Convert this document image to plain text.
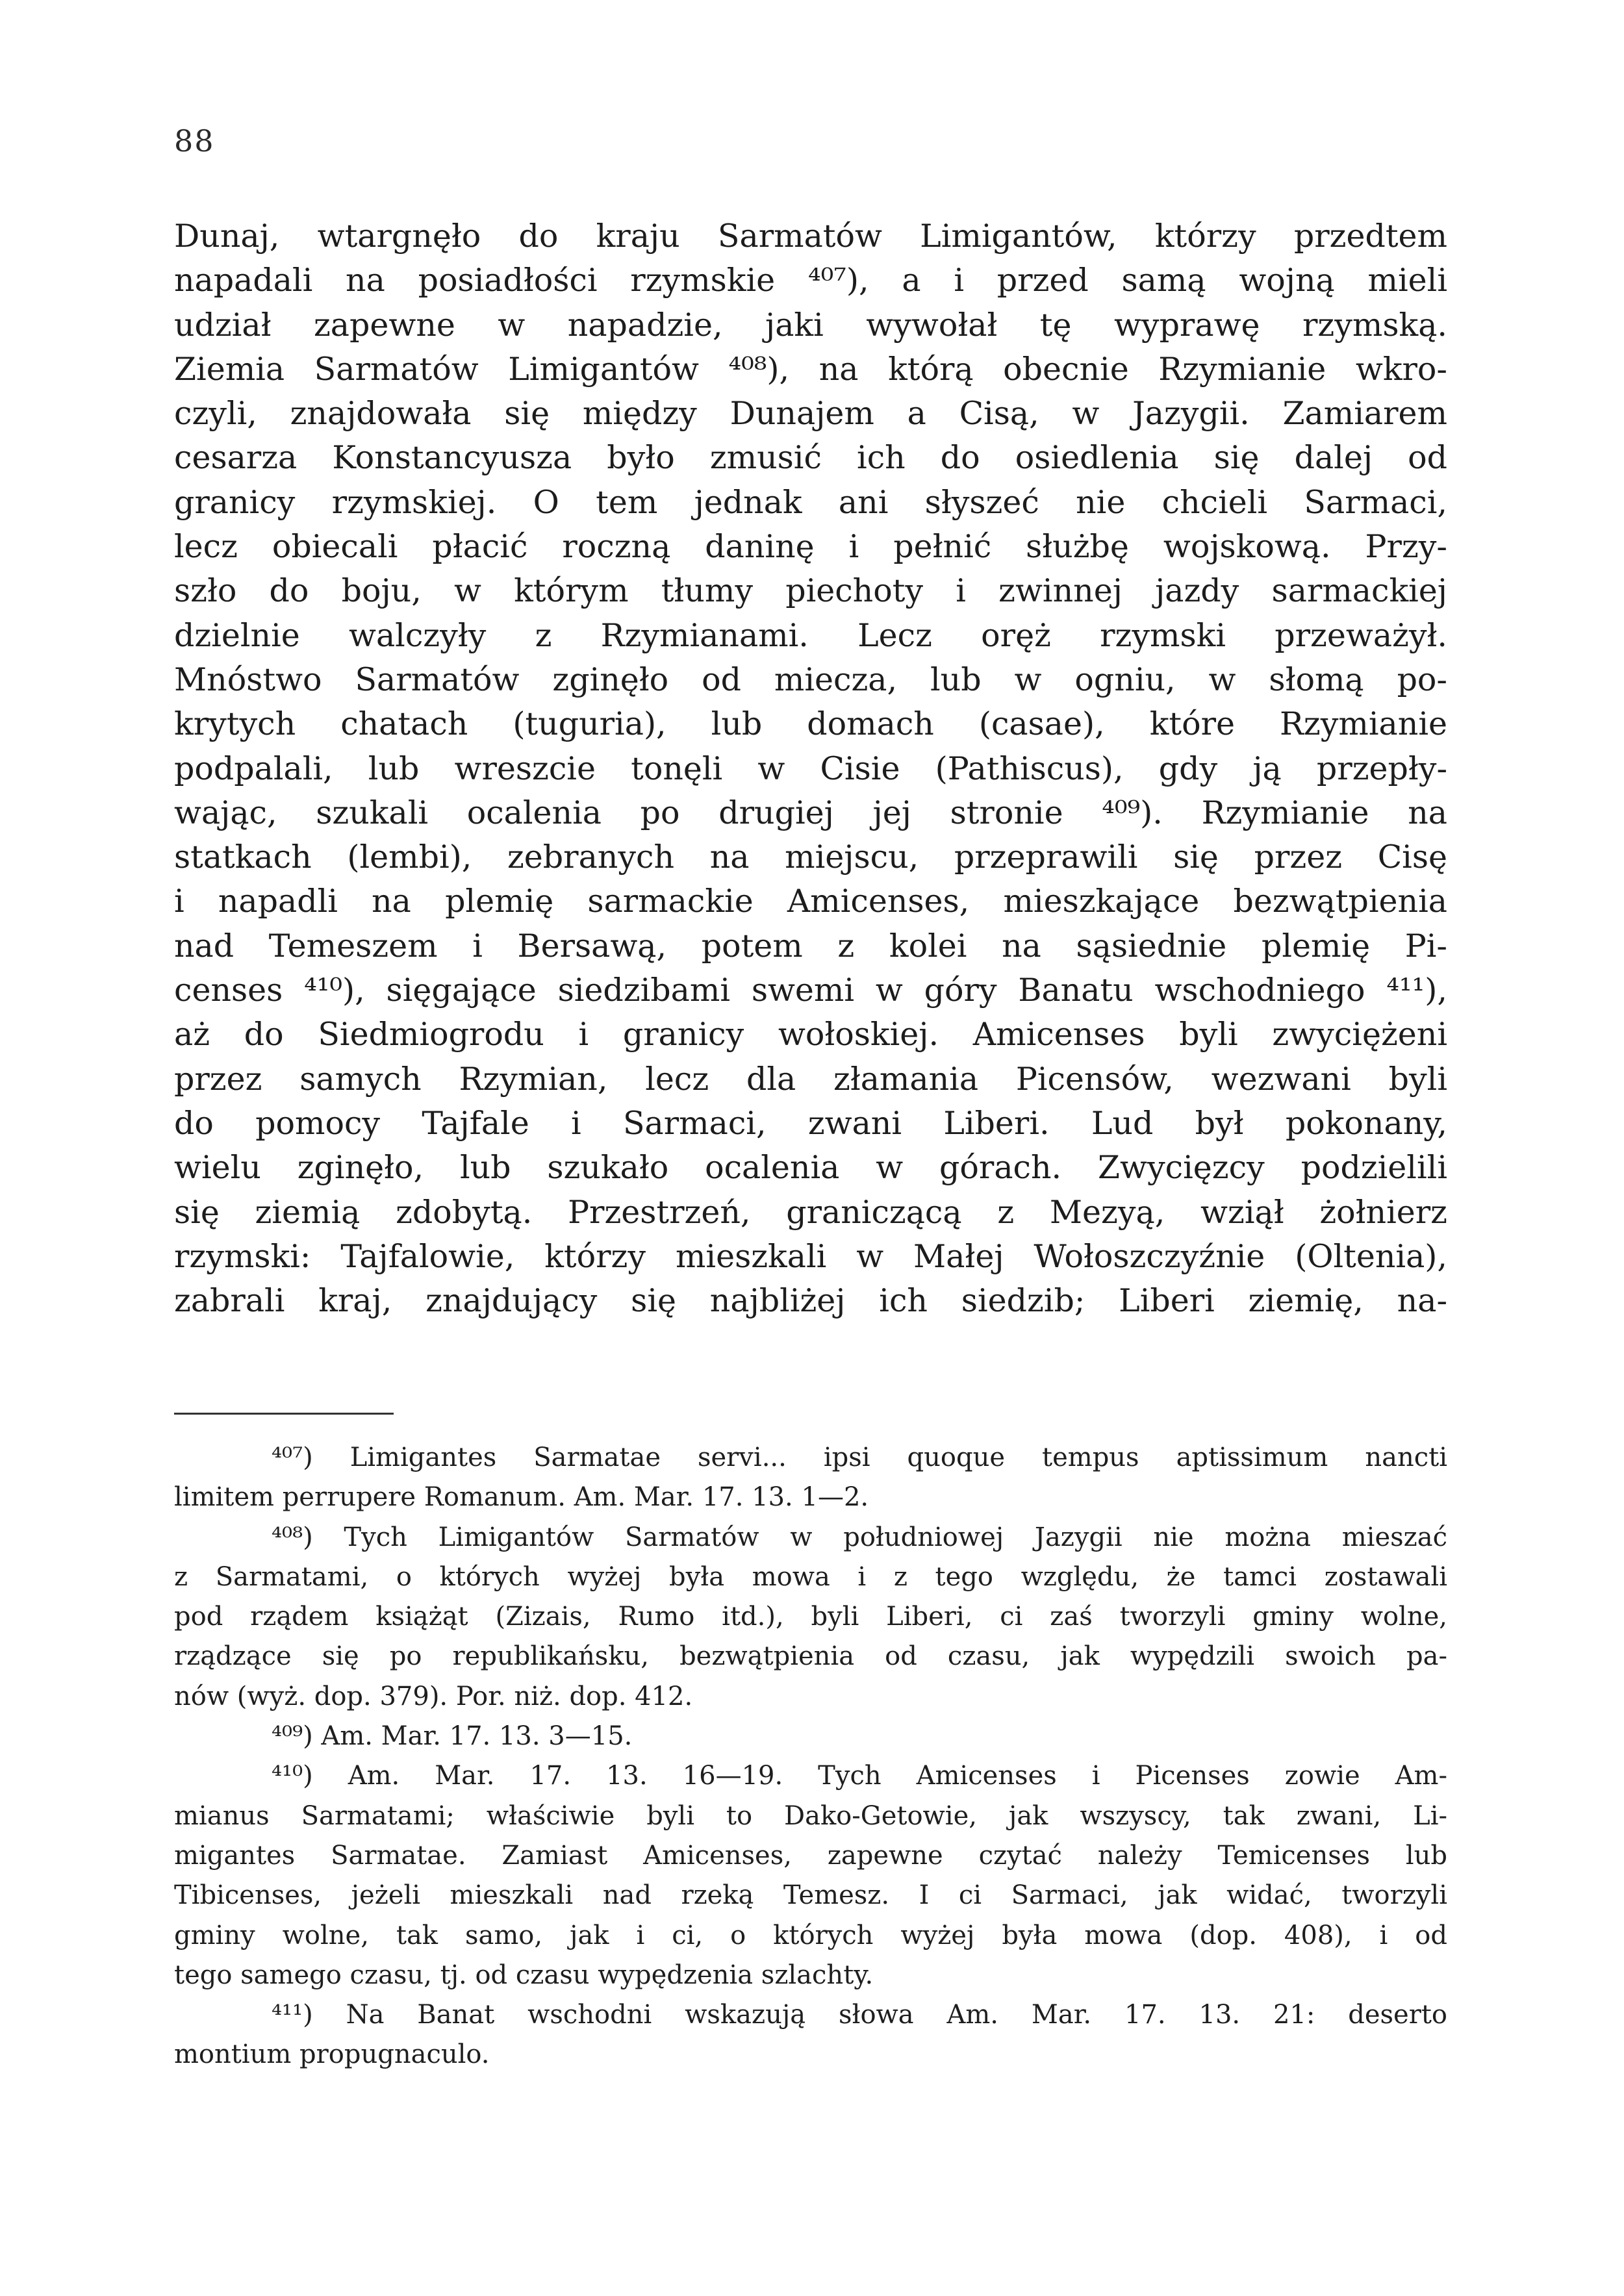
88
Dunaj, wtargnęło do kraju Sarmatów Limigantów, którzy przedtem
napadali na posiadłości rzymskie ⁴⁰⁷), a i przed samą wojną mieli
udział zapewne w napadzie, jaki wywołał tę wyprawę rzymską.
Ziemia Sarmatów Limigantów ⁴⁰⁸), na którą obecnie Rzymianie wkro-
czyli, znajdowała się między Dunajem a Cisą, w Jazygii. Zamiarem
cesarza Konstancyusza było zmusić ich do osiedlenia się dalej od
granicy rzymskiej. O tem jednak ani słyszeć nie chcieli Sarmaci,
lecz obiecali płacić roczną daninę i pełnić służbę wojskową. Przy-
szło do boju, w którym tłumy piechoty i zwinnej jazdy sarmackiej
dzielnie walczyły z Rzymianami. Lecz oręż rzymski przeważył.
Mnóstwo Sarmatów zginęło od miecza, lub w ogniu, w słomą po-
krytych chatach (tuguria), lub domach (casae), które Rzymianie
podpalali, lub wreszcie tonęli w Cisie (Pathiscus), gdy ją przepły-
wając, szukali ocalenia po drugiej jej stronie ⁴⁰⁹). Rzymianie na
statkach (lembi), zebranych na miejscu, przeprawili się przez Cisę
i napadli na plemię sarmackie Amicenses, mieszkające bezwątpienia
nad Temeszem i Bersawą, potem z kolei na sąsiednie plemię Pi-
censes ⁴¹⁰), sięgające siedzibami swemi w góry Banatu wschodniego ⁴¹¹),
aż do Siedmiogrodu i granicy wołoskiej. Amicenses byli zwyciężeni
przez samych Rzymian, lecz dla złamania Picensów, wezwani byli
do pomocy Tajfale i Sarmaci, zwani Liberi. Lud był pokonany,
wielu zginęło, lub szukało ocalenia w górach. Zwycięzcy podzielili
się ziemią zdobytą. Przestrzeń, graniczącą z Mezyą, wziął żołnierz
rzymski: Tajfalowie, którzy mieszkali w Małej Wołoszczyźnie (Oltenia),
zabrali kraj, znajdujący się najbliżej ich siedzib; Liberi ziemię, na-
⁴⁰⁷) Limigantes Sarmatae servi... ipsi quoque tempus aptissimum nancti
limitem perrupere Romanum. Am. Mar. 17. 13. 1—2.
⁴⁰⁸) Tych Limigantów Sarmatów w południowej Jazygii nie można mieszać
z Sarmatami, o których wyżej była mowa i z tego względu, że tamci zostawali
pod rządem książąt (Zizais, Rumo itd.), byli Liberi, ci zaś tworzyli gminy wolne,
rządzące się po republikańsku, bezwątpienia od czasu, jak wypędzili swoich pa-
nów (wyż. dop. 379). Por. niż. dop. 412.
⁴⁰⁹) Am. Mar. 17. 13. 3—15.
⁴¹⁰) Am. Mar. 17. 13. 16—19. Tych Amicenses i Picenses zowie Am-
mianus Sarmatami; właściwie byli to Dako-Getowie, jak wszyscy, tak zwani, Li-
migantes Sarmatae. Zamiast Amicenses, zapewne czytać należy Temicenses lub
Tibicenses, jeżeli mieszkali nad rzeką Temesz. I ci Sarmaci, jak widać, tworzyli
gminy wolne, tak samo, jak i ci, o których wyżej była mowa (dop. 408), i od
tego samego czasu, tj. od czasu wypędzenia szlachty.
⁴¹¹) Na Banat wschodni wskazują słowa Am. Mar. 17. 13. 21: deserto
montium propugnaculo.
